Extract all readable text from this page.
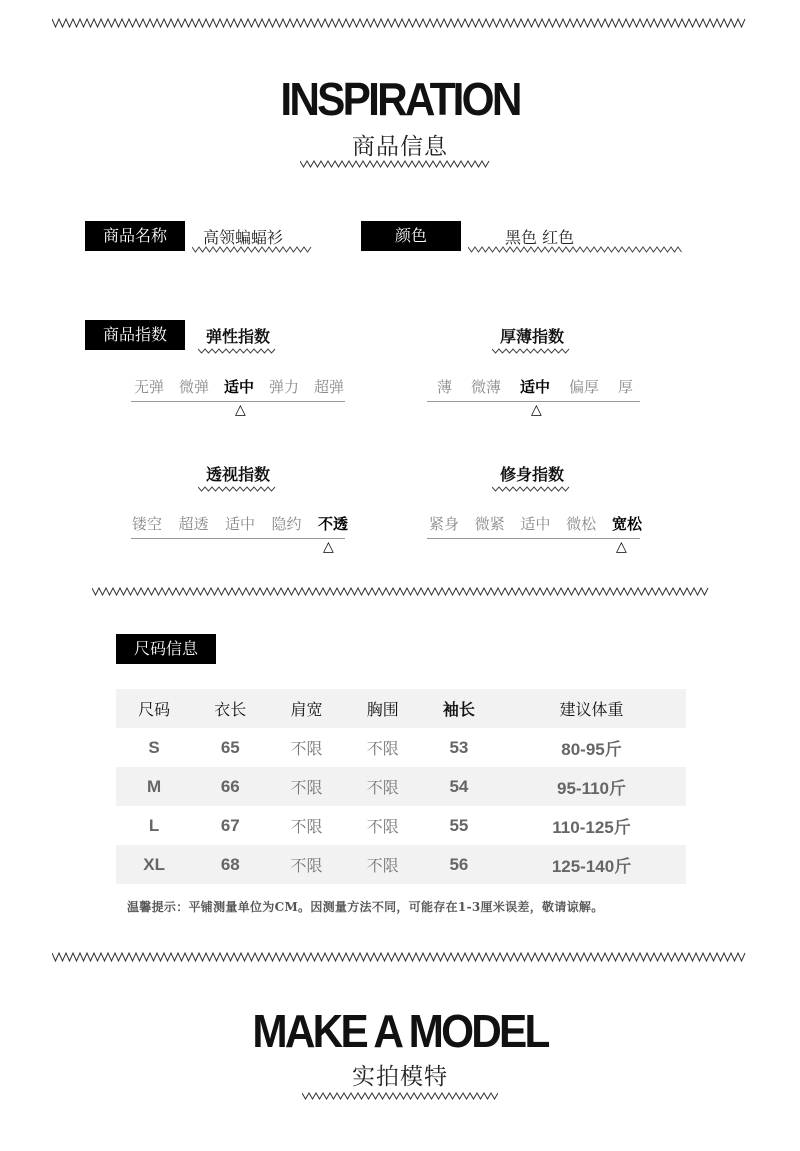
INSPIRATION
商品信息
商品名称	高领蝙蝠衫	颜色	黑色 红色
商品指数	弹性指数
无弹 微弹 适中 弹力 超弹
△
厚薄指数
薄 微薄 适中 偏厚 厚
△
透视指数
镂空 超透 适中 隐约 不透
△
修身指数
紧身 微紧 适中 微松 宽松
△
尺码信息
尺码	衣长	肩宽	胸围	袖长	建议体重
S	65	不限	不限	53	80-95斤
M	66	不限	不限	54	95-110斤
L	67	不限	不限	55	110-125斤
XL	68	不限	不限	56	125-140斤
温馨提示：平铺测量单位为CM。因测量方法不同，可能存在1-3厘米误差，敬请谅解。
MAKE A MODEL
实拍模特
